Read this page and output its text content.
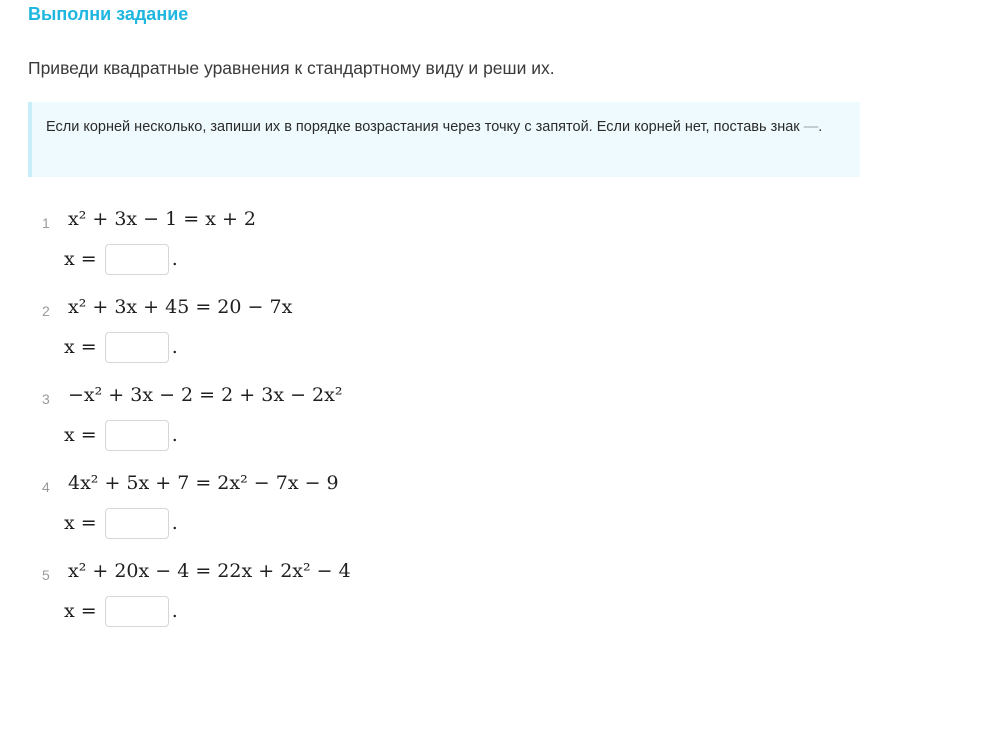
Выполни задание
Приведи квадратные уравнения к стандартному виду и реши их.
Если корней несколько, запиши их в порядке возрастания через точку с запятой. Если корней нет, поставь знак —.
1 x² + 3x − 1 = x + 2
x =	.
2 x² + 3x + 45 = 20 − 7x
x =	.
3 −x² + 3x − 2 = 2 + 3x − 2x²
x =	.
4 4x² + 5x + 7 = 2x² − 7x − 9
x =	.
5 x² + 20x − 4 = 22x + 2x² − 4
x =	.
